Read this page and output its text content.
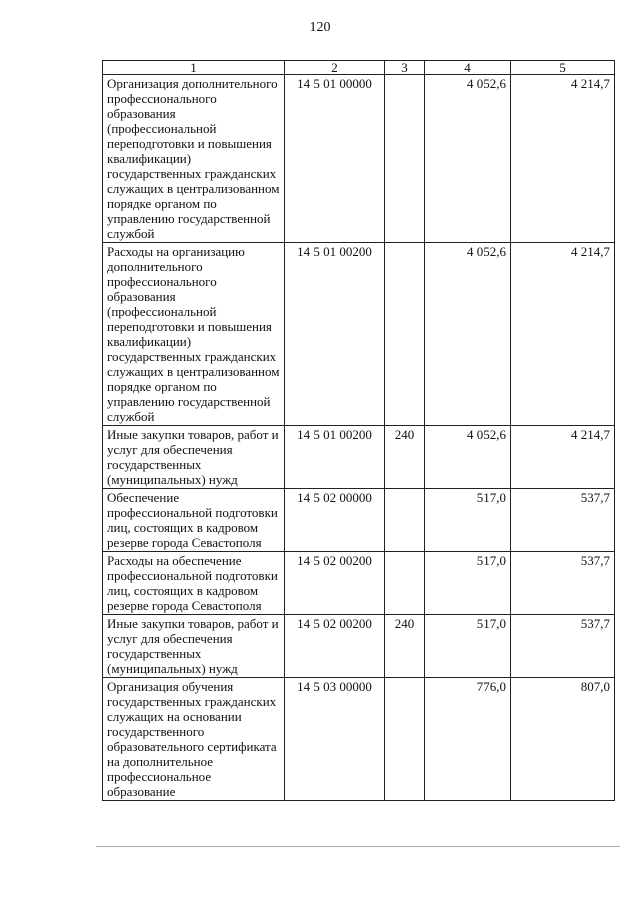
120
1	2	3	4	5
Организация дополнительного профессионального образования (профессиональной переподготовки и повышения квалификации) государственных гражданских служащих в централизованном порядке органом по управлению государственной службой	14 5 01 00000		4 052,6	4 214,7
Расходы на организацию дополнительного профессионального образования (профессиональной переподготовки и повышения квалификации) государственных гражданских служащих в централизованном порядке органом по управлению государственной службой	14 5 01 00200		4 052,6	4 214,7
Иные закупки товаров, работ и услуг для обеспечения государственных (муниципальных) нужд	14 5 01 00200	240	4 052,6	4 214,7
Обеспечение профессиональной подготовки лиц, состоящих в кадровом резерве города Севастополя	14 5 02 00000		517,0	537,7
Расходы на обеспечение профессиональной подготовки лиц, состоящих в кадровом резерве города Севастополя	14 5 02 00200		517,0	537,7
Иные закупки товаров, работ и услуг для обеспечения государственных (муниципальных) нужд	14 5 02 00200	240	517,0	537,7
Организация обучения государственных гражданских служащих на основании государственного образовательного сертификата на дополнительное профессиональное образование	14 5 03 00000		776,0	807,0
